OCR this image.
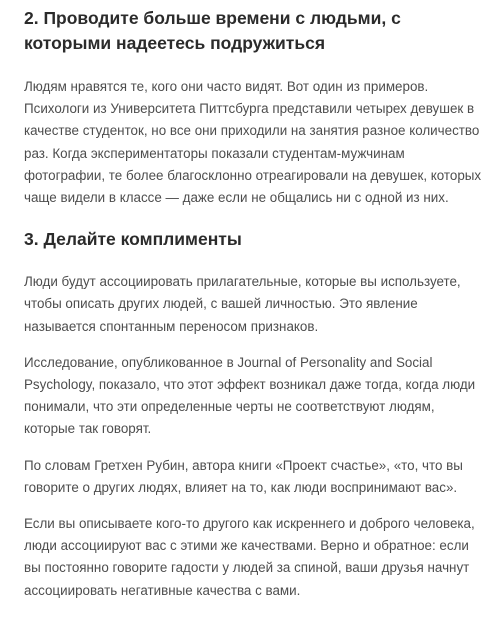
2. Проводите больше времени с людьми, с которыми надеетесь подружиться

Людям нравятся те, кого они часто видят. Вот один из примеров. Психологи из Университета Питтсбурга представили четырех девушек в качестве студенток, но все они приходили на занятия разное количество раз. Когда экспериментаторы показали студентам-мужчинам фотографии, те более благосклонно отреагировали на девушек, которых чаще видели в классе — даже если не общались ни с одной из них.

3. Делайте комплименты

Люди будут ассоциировать прилагательные, которые вы используете, чтобы описать других людей, с вашей личностью. Это явление называется спонтанным переносом признаков.

Исследование, опубликованное в Journal of Personality and Social Psychology, показало, что этот эффект возникал даже тогда, когда люди понимали, что эти определенные черты не соответствуют людям, которые так говорят.

По словам Гретхен Рубин, автора книги «Проект счастье», «то, что вы говорите о других людях, влияет на то, как люди воспринимают вас».

Если вы описываете кого-то другого как искреннего и доброго человека, люди ассоциируют вас с этими же качествами. Верно и обратное: если вы постоянно говорите гадости у людей за спиной, ваши друзья начнут ассоциировать негативные качества с вами.
